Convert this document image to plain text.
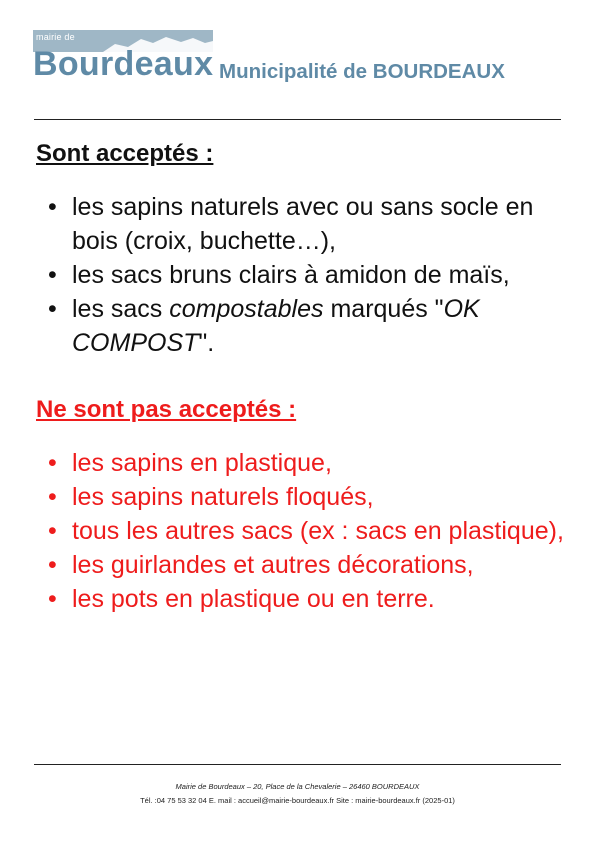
mairie de
Bourdeaux Municipalité de BOURDEAUX
Sont acceptés :
• les sapins naturels avec ou sans socle en bois (croix, buchette…),
• les sacs bruns clairs à amidon de maïs,
• les sacs compostables marqués "OK COMPOST".
Ne sont pas acceptés :
• les sapins en plastique,
• les sapins naturels floqués,
• tous les autres sacs (ex : sacs en plastique),
• les guirlandes et autres décorations,
• les pots en plastique ou en terre.
Mairie de Bourdeaux – 20, Place de la Chevalerie – 26460 BOURDEAUX
Tél. :04 75 53 32 04 E. mail : accueil@mairie-bourdeaux.fr Site : mairie-bourdeaux.fr (2025-01)
